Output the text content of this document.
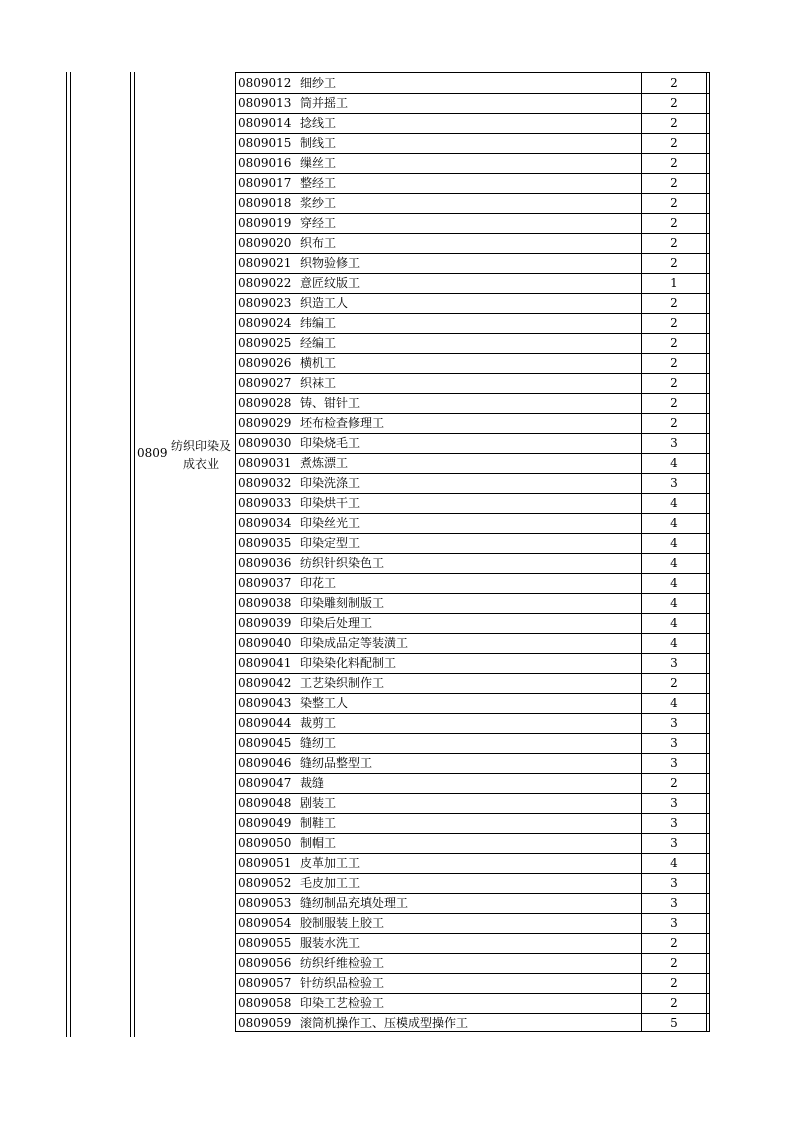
0809 纺织印染及成衣业
0809012 细纱工	2
0809013 筒并摇工	2
0809014 捻线工	2
0809015 制线工	2
0809016 缫丝工	2
0809017 整经工	2
0809018 浆纱工	2
0809019 穿经工	2
0809020 织布工	2
0809021 织物验修工	2
0809022 意匠纹版工	1
0809023 织造工人	2
0809024 纬编工	2
0809025 经编工	2
0809026 横机工	2
0809027 织袜工	2
0809028 铸、钳针工	2
0809029 坯布检查修理工	2
0809030 印染烧毛工	3
0809031 煮炼漂工	4
0809032 印染洗涤工	3
0809033 印染烘干工	4
0809034 印染丝光工	4
0809035 印染定型工	4
0809036 纺织针织染色工	4
0809037 印花工	4
0809038 印染雕刻制版工	4
0809039 印染后处理工	4
0809040 印染成品定等装潢工	4
0809041 印染染化料配制工	3
0809042 工艺染织制作工	2
0809043 染整工人	4
0809044 裁剪工	3
0809045 缝纫工	3
0809046 缝纫品整型工	3
0809047 裁缝	2
0809048 剧装工	3
0809049 制鞋工	3
0809050 制帽工	3
0809051 皮革加工工	4
0809052 毛皮加工工	3
0809053 缝纫制品充填处理工	3
0809054 胶制服装上胶工	3
0809055 服装水洗工	2
0809056 纺织纤维检验工	2
0809057 针纺织品检验工	2
0809058 印染工艺检验工	2
0809059 滚筒机操作工、压模成型操作工	5
